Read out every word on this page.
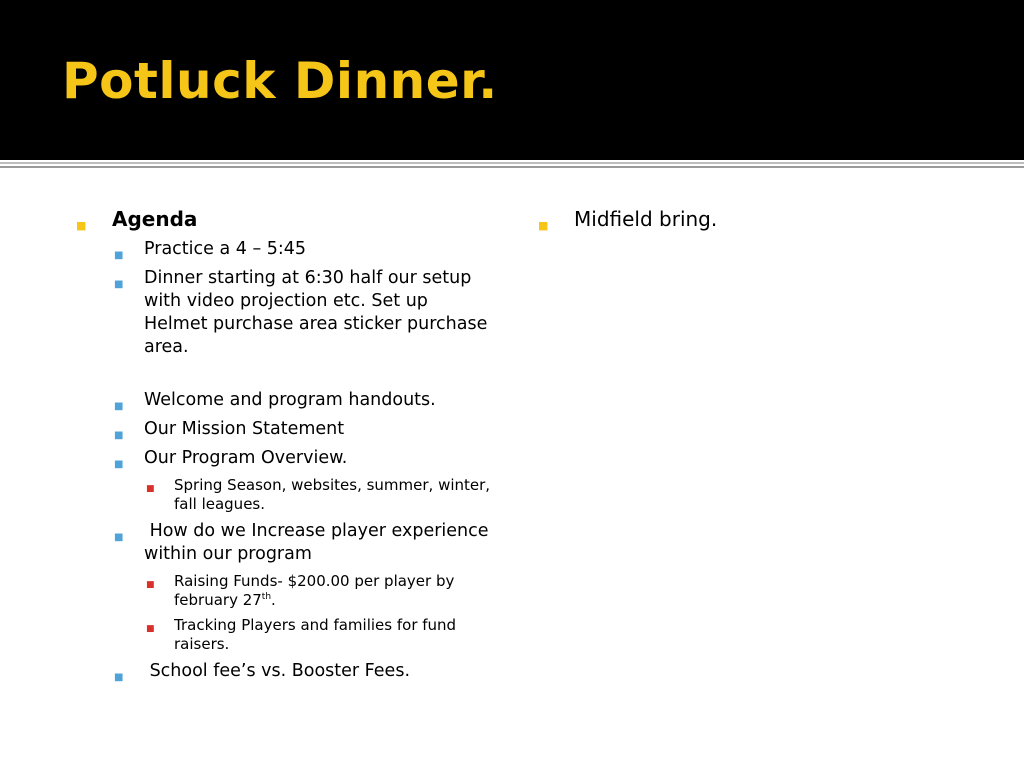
Potluck Dinner.
■	Agenda
■	Practice a 4 – 5:45
■	Dinner starting at 6:30 half our setup with video projection etc. Set up Helmet purchase area sticker purchase area.
■	Welcome and program handouts.
■	Our Mission Statement
■	Our Program Overview.
■	Spring Season, websites, summer, winter, fall leagues.
■	How do we Increase player experience within our program
■	Raising Funds- $200.00 per player by february 27th.
■	Tracking Players and families for fund raisers.
■	School fee’s vs. Booster Fees.
■	Midfield bring.
